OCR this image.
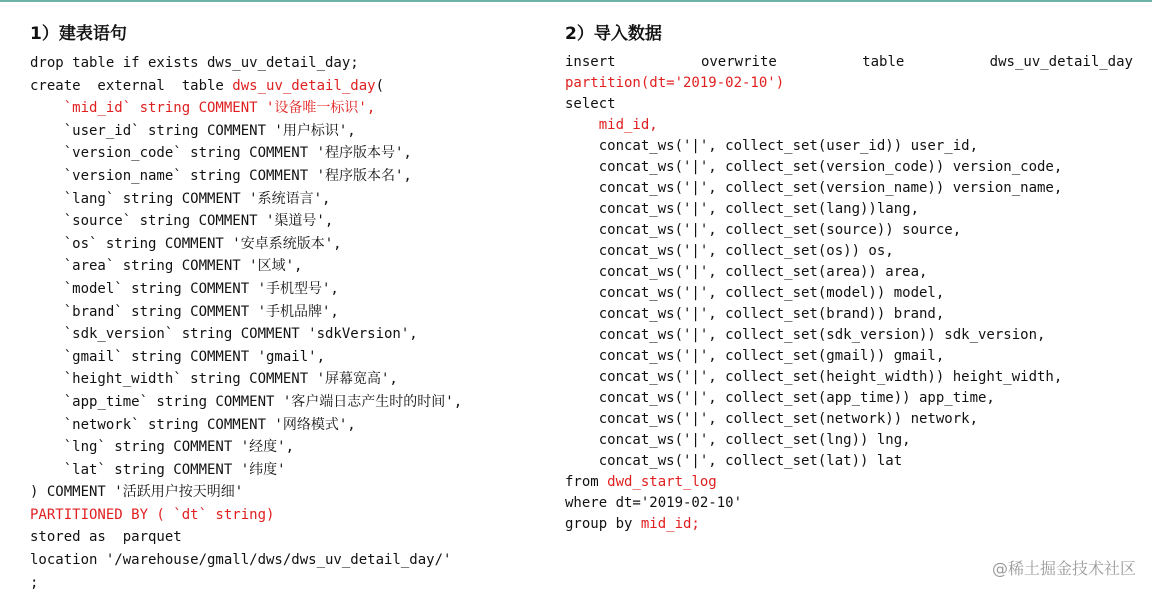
1）建表语句
drop table if exists dws_uv_detail_day;
create  external  table dws_uv_detail_day(
`mid_id` string COMMENT '设备唯一标识',
`user_id` string COMMENT '用户标识',
`version_code` string COMMENT '程序版本号',
`version_name` string COMMENT '程序版本名',
`lang` string COMMENT '系统语言',
`source` string COMMENT '渠道号',
`os` string COMMENT '安卓系统版本',
`area` string COMMENT '区域',
`model` string COMMENT '手机型号',
`brand` string COMMENT '手机品牌',
`sdk_version` string COMMENT 'sdkVersion',
`gmail` string COMMENT 'gmail',
`height_width` string COMMENT '屏幕宽高',
`app_time` string COMMENT '客户端日志产生时的时间',
`network` string COMMENT '网络模式',
`lng` string COMMENT '经度',
`lat` string COMMENT '纬度'
) COMMENT '活跃用户按天明细'
PARTITIONED BY ( `dt` string)
stored as  parquet
location '/warehouse/gmall/dws/dws_uv_detail_day/'
;
2）导入数据
insert	overwrite	table	dws_uv_detail_day
partition(dt='2019-02-10')
select
mid_id,
concat_ws('|', collect_set(user_id)) user_id,
concat_ws('|', collect_set(version_code)) version_code,
concat_ws('|', collect_set(version_name)) version_name,
concat_ws('|', collect_set(lang))lang,
concat_ws('|', collect_set(source)) source,
concat_ws('|', collect_set(os)) os,
concat_ws('|', collect_set(area)) area,
concat_ws('|', collect_set(model)) model,
concat_ws('|', collect_set(brand)) brand,
concat_ws('|', collect_set(sdk_version)) sdk_version,
concat_ws('|', collect_set(gmail)) gmail,
concat_ws('|', collect_set(height_width)) height_width,
concat_ws('|', collect_set(app_time)) app_time,
concat_ws('|', collect_set(network)) network,
concat_ws('|', collect_set(lng)) lng,
concat_ws('|', collect_set(lat)) lat
from dwd_start_log
where dt='2019-02-10'
group by mid_id;
@稀土掘金技术社区
